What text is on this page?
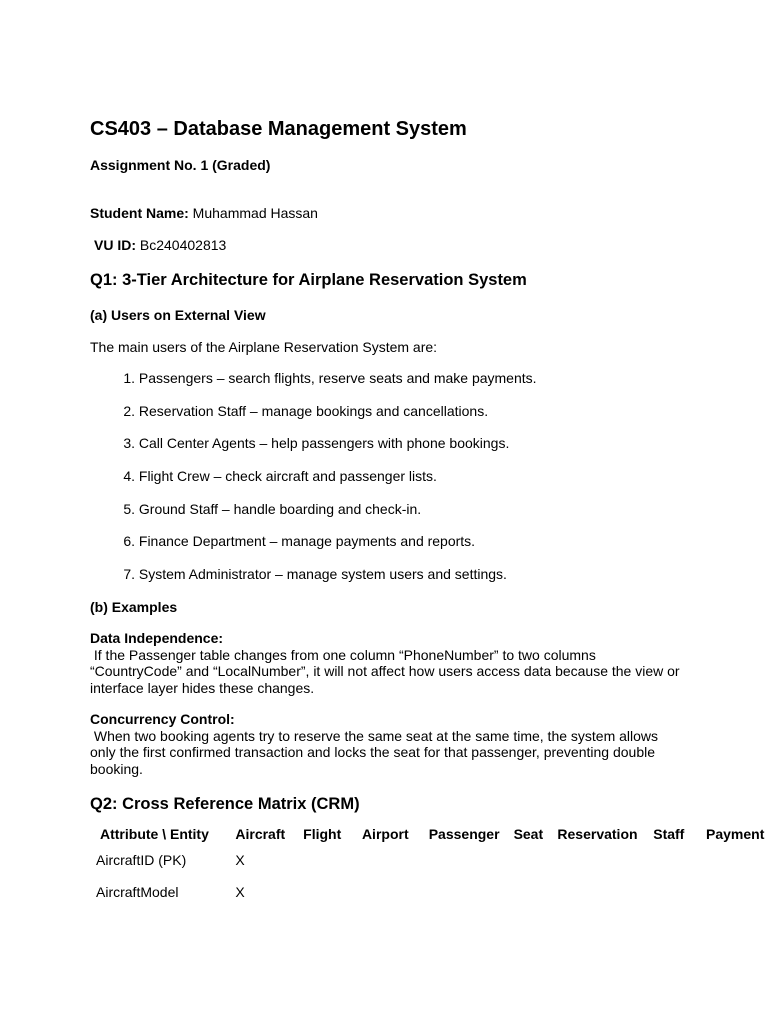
CS403 – Database Management System
Assignment No. 1 (Graded)
Student Name: Muhammad Hassan
VU ID: Bc240402813
Q1: 3-Tier Architecture for Airplane Reservation System
(a) Users on External View
The main users of the Airplane Reservation System are:
1. Passengers – search flights, reserve seats and make payments.
2. Reservation Staff – manage bookings and cancellations.
3. Call Center Agents – help passengers with phone bookings.
4. Flight Crew – check aircraft and passenger lists.
5. Ground Staff – handle boarding and check-in.
6. Finance Department – manage payments and reports.
7. System Administrator – manage system users and settings.
(b) Examples
Data Independence:
If the Passenger table changes from one column “PhoneNumber” to two columns
“CountryCode” and “LocalNumber”, it will not affect how users access data because the view or
interface layer hides these changes.
Concurrency Control:
When two booking agents try to reserve the same seat at the same time, the system allows
only the first confirmed transaction and locks the seat for that passenger, preventing double
booking.
Q2: Cross Reference Matrix (CRM)
Attribute \ Entity	Aircraft	Flight	Airport	Passenger	Seat	Reservation	Staff	Payment
AircraftID (PK)	X							
AircraftModel	X							
